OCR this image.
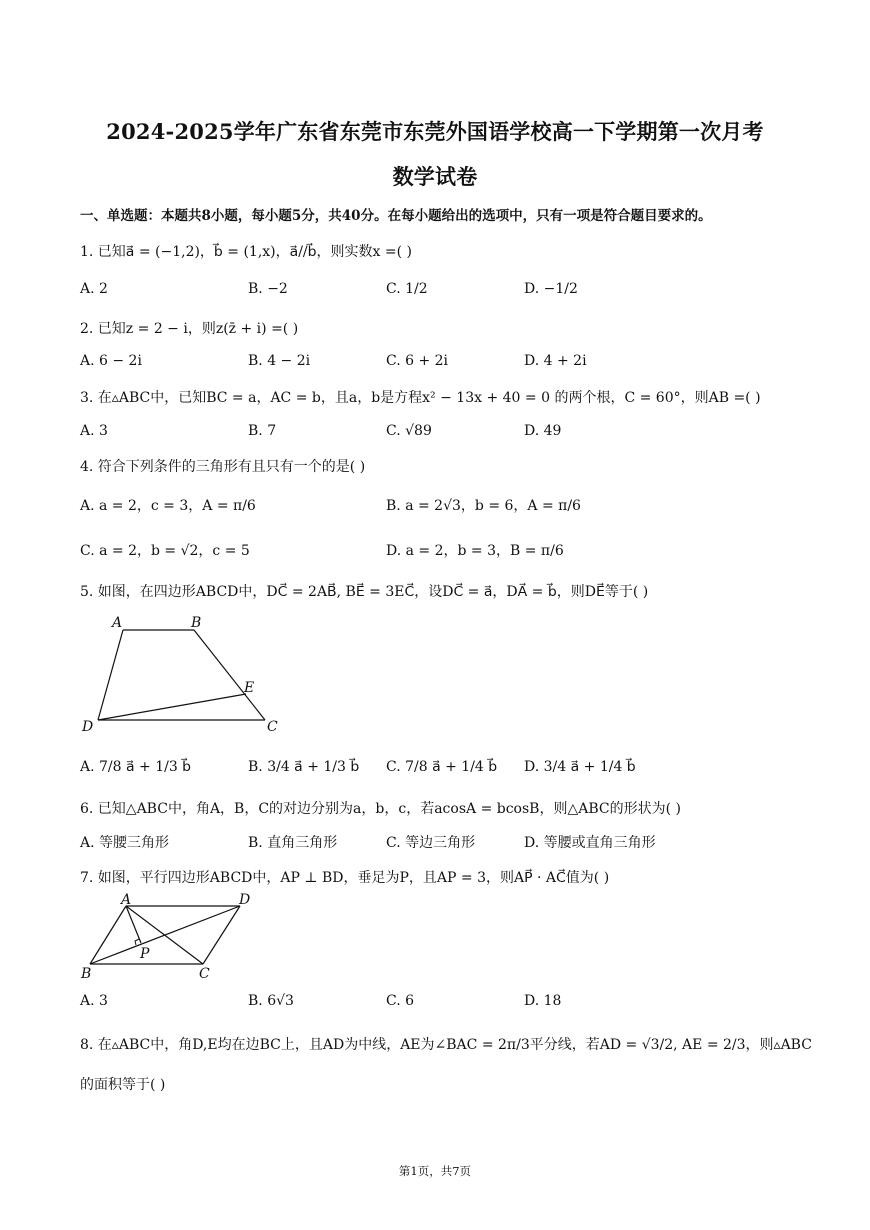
2024-2025学年广东省东莞市东莞外国语学校高一下学期第一次月考
数学试卷
一、单选题：本题共8小题，每小题5分，共40分。在每小题给出的选项中，只有一项是符合题目要求的。
1. 已知a⃗ = (−1,2)，b⃗ = (1,x)，a⃗//b⃗，则实数x =( )
A. 2	B. −2	C. 1/2	D. −1/2
2. 已知z = 2 − i，则z(z̄ + i) =( )
A. 6 − 2i	B. 4 − 2i	C. 6 + 2i	D. 4 + 2i
3. 在▵ABC中，已知BC = a，AC = b，且a，b是方程x² − 13x + 40 = 0 的两个根，C = 60°，则AB =( )
A. 3	B. 7	C. √89	D. 49
4. 符合下列条件的三角形有且只有一个的是( )
A. a = 2，c = 3，A = π/6	B. a = 2√3，b = 6，A = π/6
C. a = 2，b = √2，c = 5	D. a = 2，b = 3，B = π/6
5. 如图，在四边形ABCD中，DC⃗ = 2AB⃗, BE⃗ = 3EC⃗，设DC⃗ = a⃗，DA⃗ = b⃗，则DE⃗等于( )
A	B
E
D	C
A. 7/8 a⃗ + 1/3 b⃗	B. 3/4 a⃗ + 1/3 b⃗ C. 7/8 a⃗ + 1/4 b⃗ D. 3/4 a⃗ + 1/4 b⃗
6. 已知△ABC中，角A，B，C的对边分别为a，b，c，若acosA = bcosB，则△ABC的形状为( )
A. 等腰三角形	B. 直角三角形	C. 等边三角形	D. 等腰或直角三角形
7. 如图，平行四边形ABCD中，AP ⊥ BD，垂足为P，且AP = 3，则AP⃗ · AC⃗值为( )
A	D
P
B	C
A. 3	B. 6√3	C. 6	D. 18
8. 在▵ABC中，角D,E均在边BC上，且AD为中线，AE为∠BAC = 2π/3平分线，若AD = √3/2, AE = 2/3，则▵ABC
的面积等于( )
第1页，共7页
